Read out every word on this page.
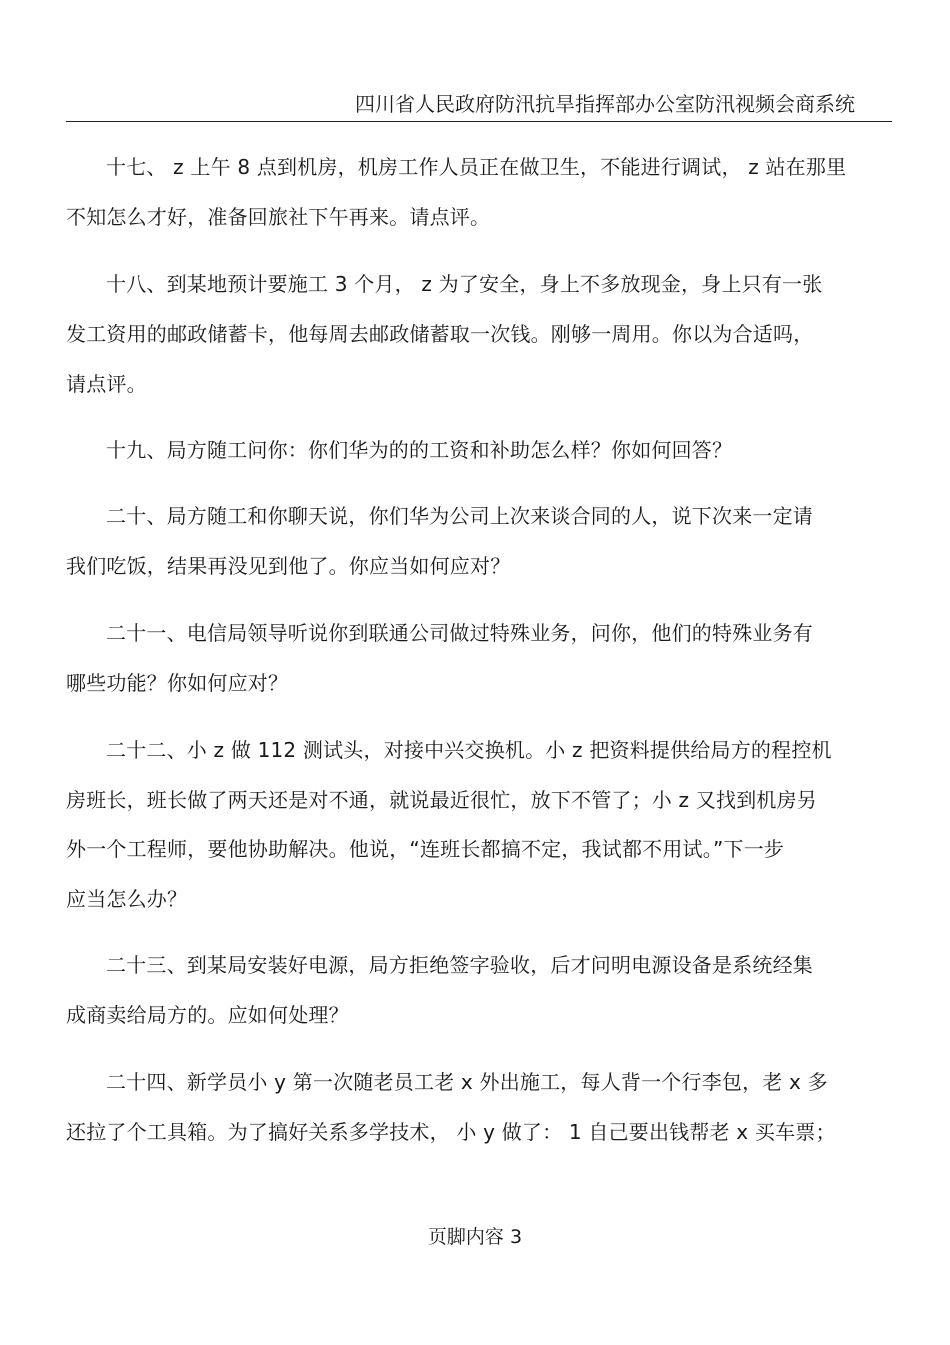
四川省人民政府防汛抗旱指挥部办公室防汛视频会商系统
十七、 z 上午 8 点到机房，机房工作人员正在做卫生，不能进行调试， z 站在那里
不知怎么才好，准备回旅社下午再来。请点评。
十八、到某地预计要施工 3 个月， z 为了安全，身上不多放现金，身上只有一张
发工资用的邮政储蓄卡，他每周去邮政储蓄取一次钱。刚够一周用。你以为合适吗，
请点评。
十九、局方随工问你：你们华为的的工资和补助怎么样？你如何回答？
二十、局方随工和你聊天说，你们华为公司上次来谈合同的人，说下次来一定请
我们吃饭，结果再没见到他了。你应当如何应对？
二十一、电信局领导听说你到联通公司做过特殊业务，问你，他们的特殊业务有
哪些功能？你如何应对？
二十二、小 z 做 112 测试头，对接中兴交换机。小 z 把资料提供给局方的程控机
房班长，班长做了两天还是对不通，就说最近很忙，放下不管了；小 z 又找到机房另
外一个工程师，要他协助解决。他说，“连班长都搞不定，我试都不用试。”下一步
应当怎么办？
二十三、到某局安装好电源，局方拒绝签字验收，后才问明电源设备是系统经集
成商卖给局方的。应如何处理？
二十四、新学员小 y 第一次随老员工老 x 外出施工，每人背一个行李包，老 x 多
还拉了个工具箱。为了搞好关系多学技术， 小 y 做了： 1 自己要出钱帮老 x 买车票；
页脚内容 3
